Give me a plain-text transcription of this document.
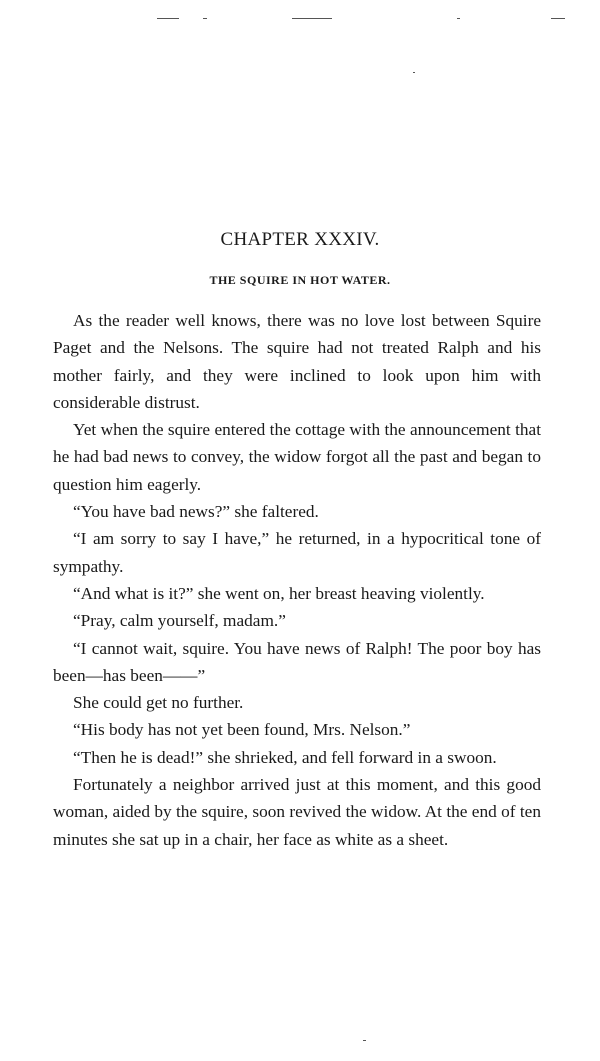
CHAPTER XXXIV.
THE SQUIRE IN HOT WATER.

As the reader well knows, there was no love lost between Squire Paget and the Nelsons. The squire had not treated Ralph and his mother fairly, and they were inclined to look upon him with considerable distrust.

Yet when the squire entered the cottage with the announcement that he had bad news to convey, the widow forgot all the past and began to question him eagerly.

“You have bad news?” she faltered.

“I am sorry to say I have,” he returned, in a hypocritical tone of sympathy.

“And what is it?” she went on, her breast heaving violently.

“Pray, calm yourself, madam.”

“I cannot wait, squire. You have news of Ralph! The poor boy has been—has been——”

She could get no further.

“His body has not yet been found, Mrs. Nelson.”

“Then he is dead!” she shrieked, and fell forward in a swoon.

Fortunately a neighbor arrived just at this moment, and this good woman, aided by the squire, soon revived the widow. At the end of ten minutes she sat up in a chair, her face as white as a sheet.
